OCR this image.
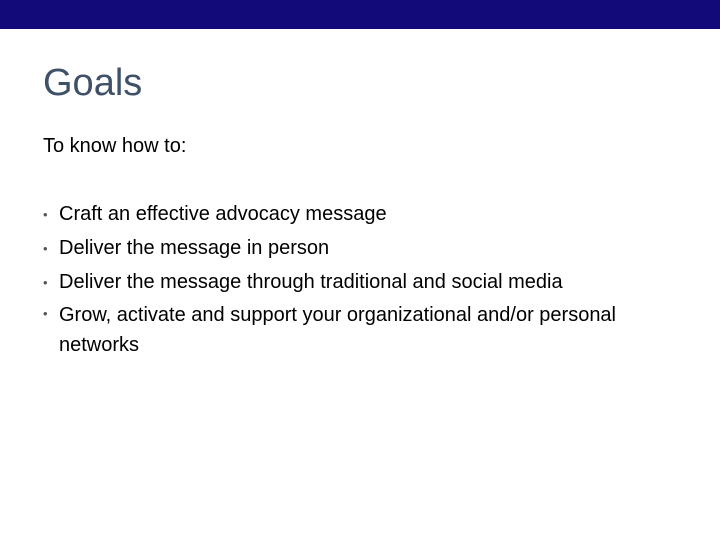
Goals
To know how to:
• Craft an effective advocacy message
• Deliver the message in person
• Deliver the message through traditional and social media
• Grow, activate and support your organizational and/or personal networks
